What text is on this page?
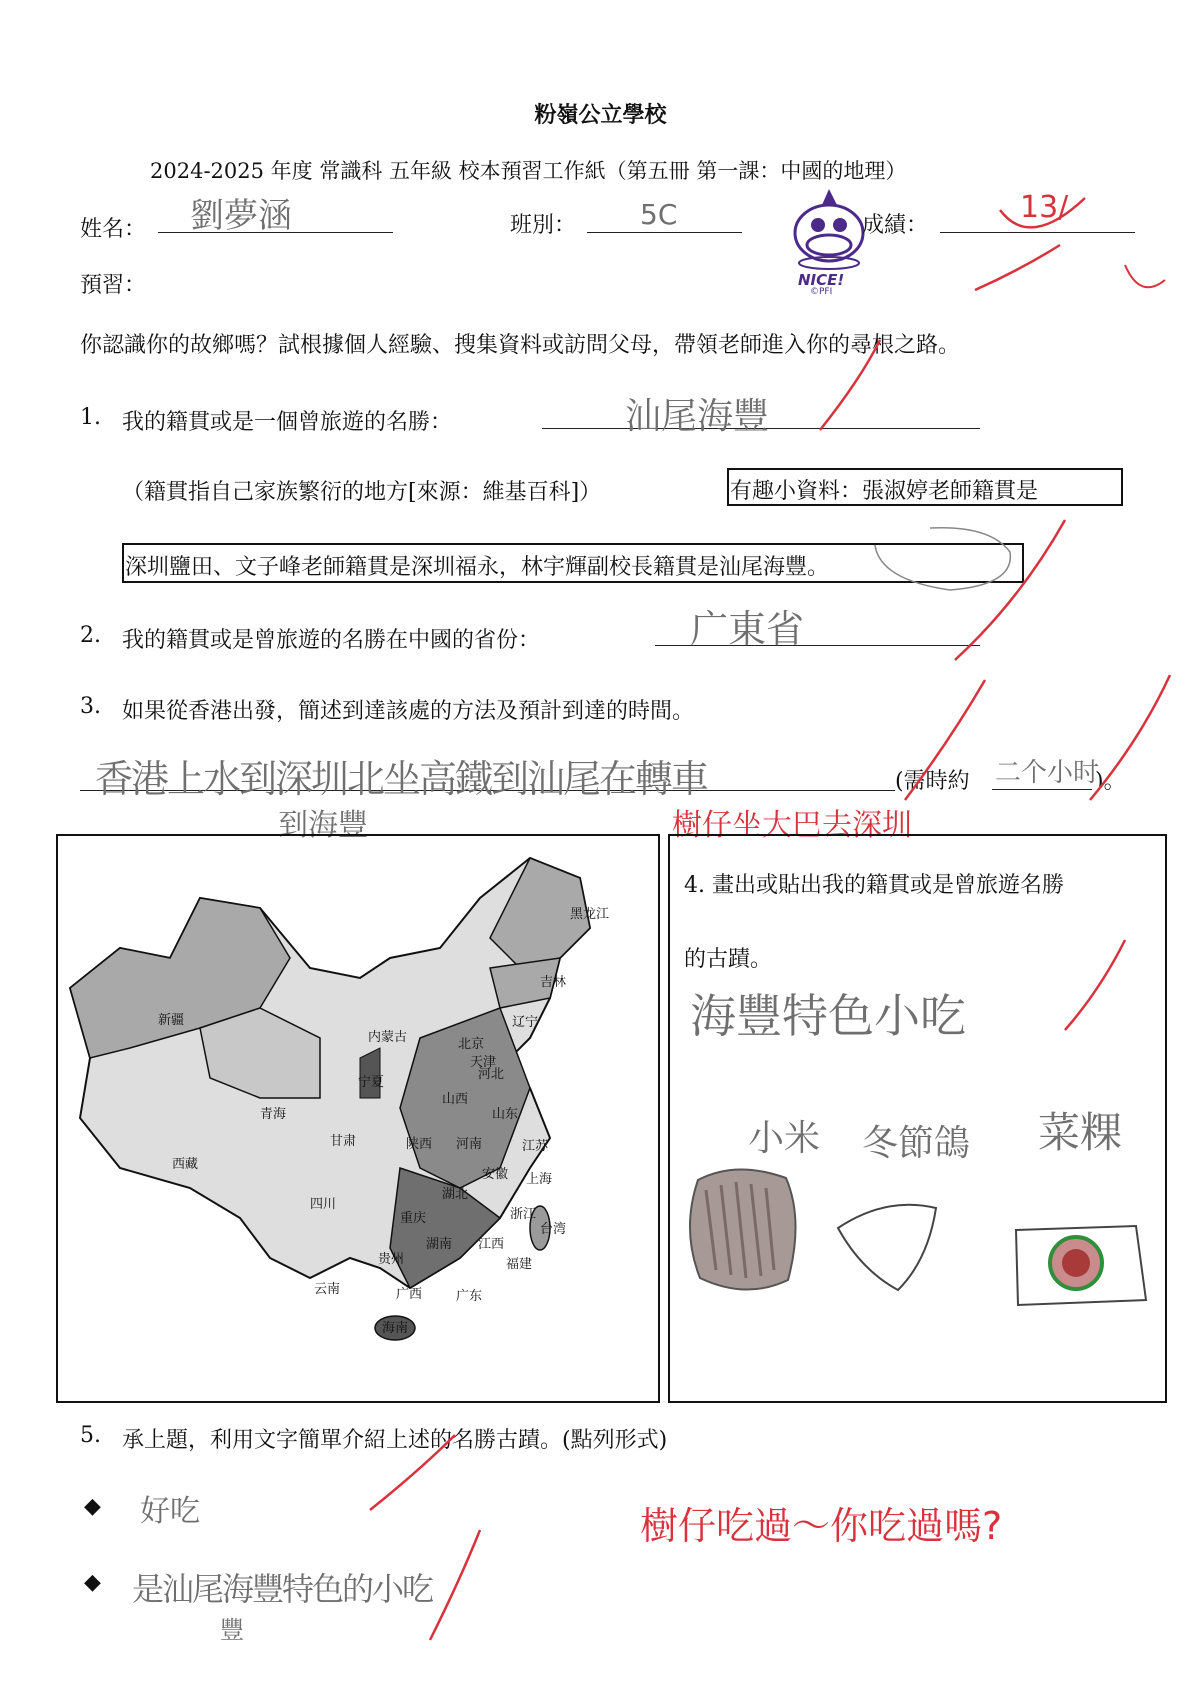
粉嶺公立學校
2024-2025 年度 常識科 五年級 校本預習工作紙（第五冊 第一課：中國的地理）
姓名： 劉夢涵	班別： 5C
NICE!
©PFI
成績：
13/
預習：
你認識你的故鄉嗎？試根據個人經驗、搜集資料或訪問父母，帶領老師進入你的尋根之路。
1. 我的籍貫或是一個曾旅遊的名勝：	汕尾海豐
（籍貫指自己家族繁衍的地方[來源：維基百科]）	有趣小資料：張淑婷老師籍貫是
深圳鹽田、文子峰老師籍貫是深圳福永，林宇輝副校長籍貫是汕尾海豐。
2. 我的籍貫或是曾旅遊的名勝在中國的省份：	广東省
3. 如果從香港出發，簡述到達該處的方法及預計到達的時間。
香港上水到深圳北坐高鐵到汕尾在轉車
到海豐
(需時約 二个小时
)。
樹仔坐大巴去深圳
黑龙江
吉林
辽宁
内蒙古
新疆
青海
西藏
甘肃
宁夏
北京
天津
河北
山西
陕西
山东
河南	江苏
安徽 上海
湖北
浙江
四川
重庆
湖南 江西
福建
台湾
贵州
云南	广西	广东
海南
4. 畫出或貼出我的籍貫或是曾旅遊名勝
的古蹟。
海豐特色小吃
小米 冬節鴿 菜粿
5. 承上題，利用文字簡單介紹上述的名勝古蹟。(點列形式)
◆ 好吃
◆ 是汕尾海豐特色的小吃
豐
樹仔吃過～你吃過嗎?
